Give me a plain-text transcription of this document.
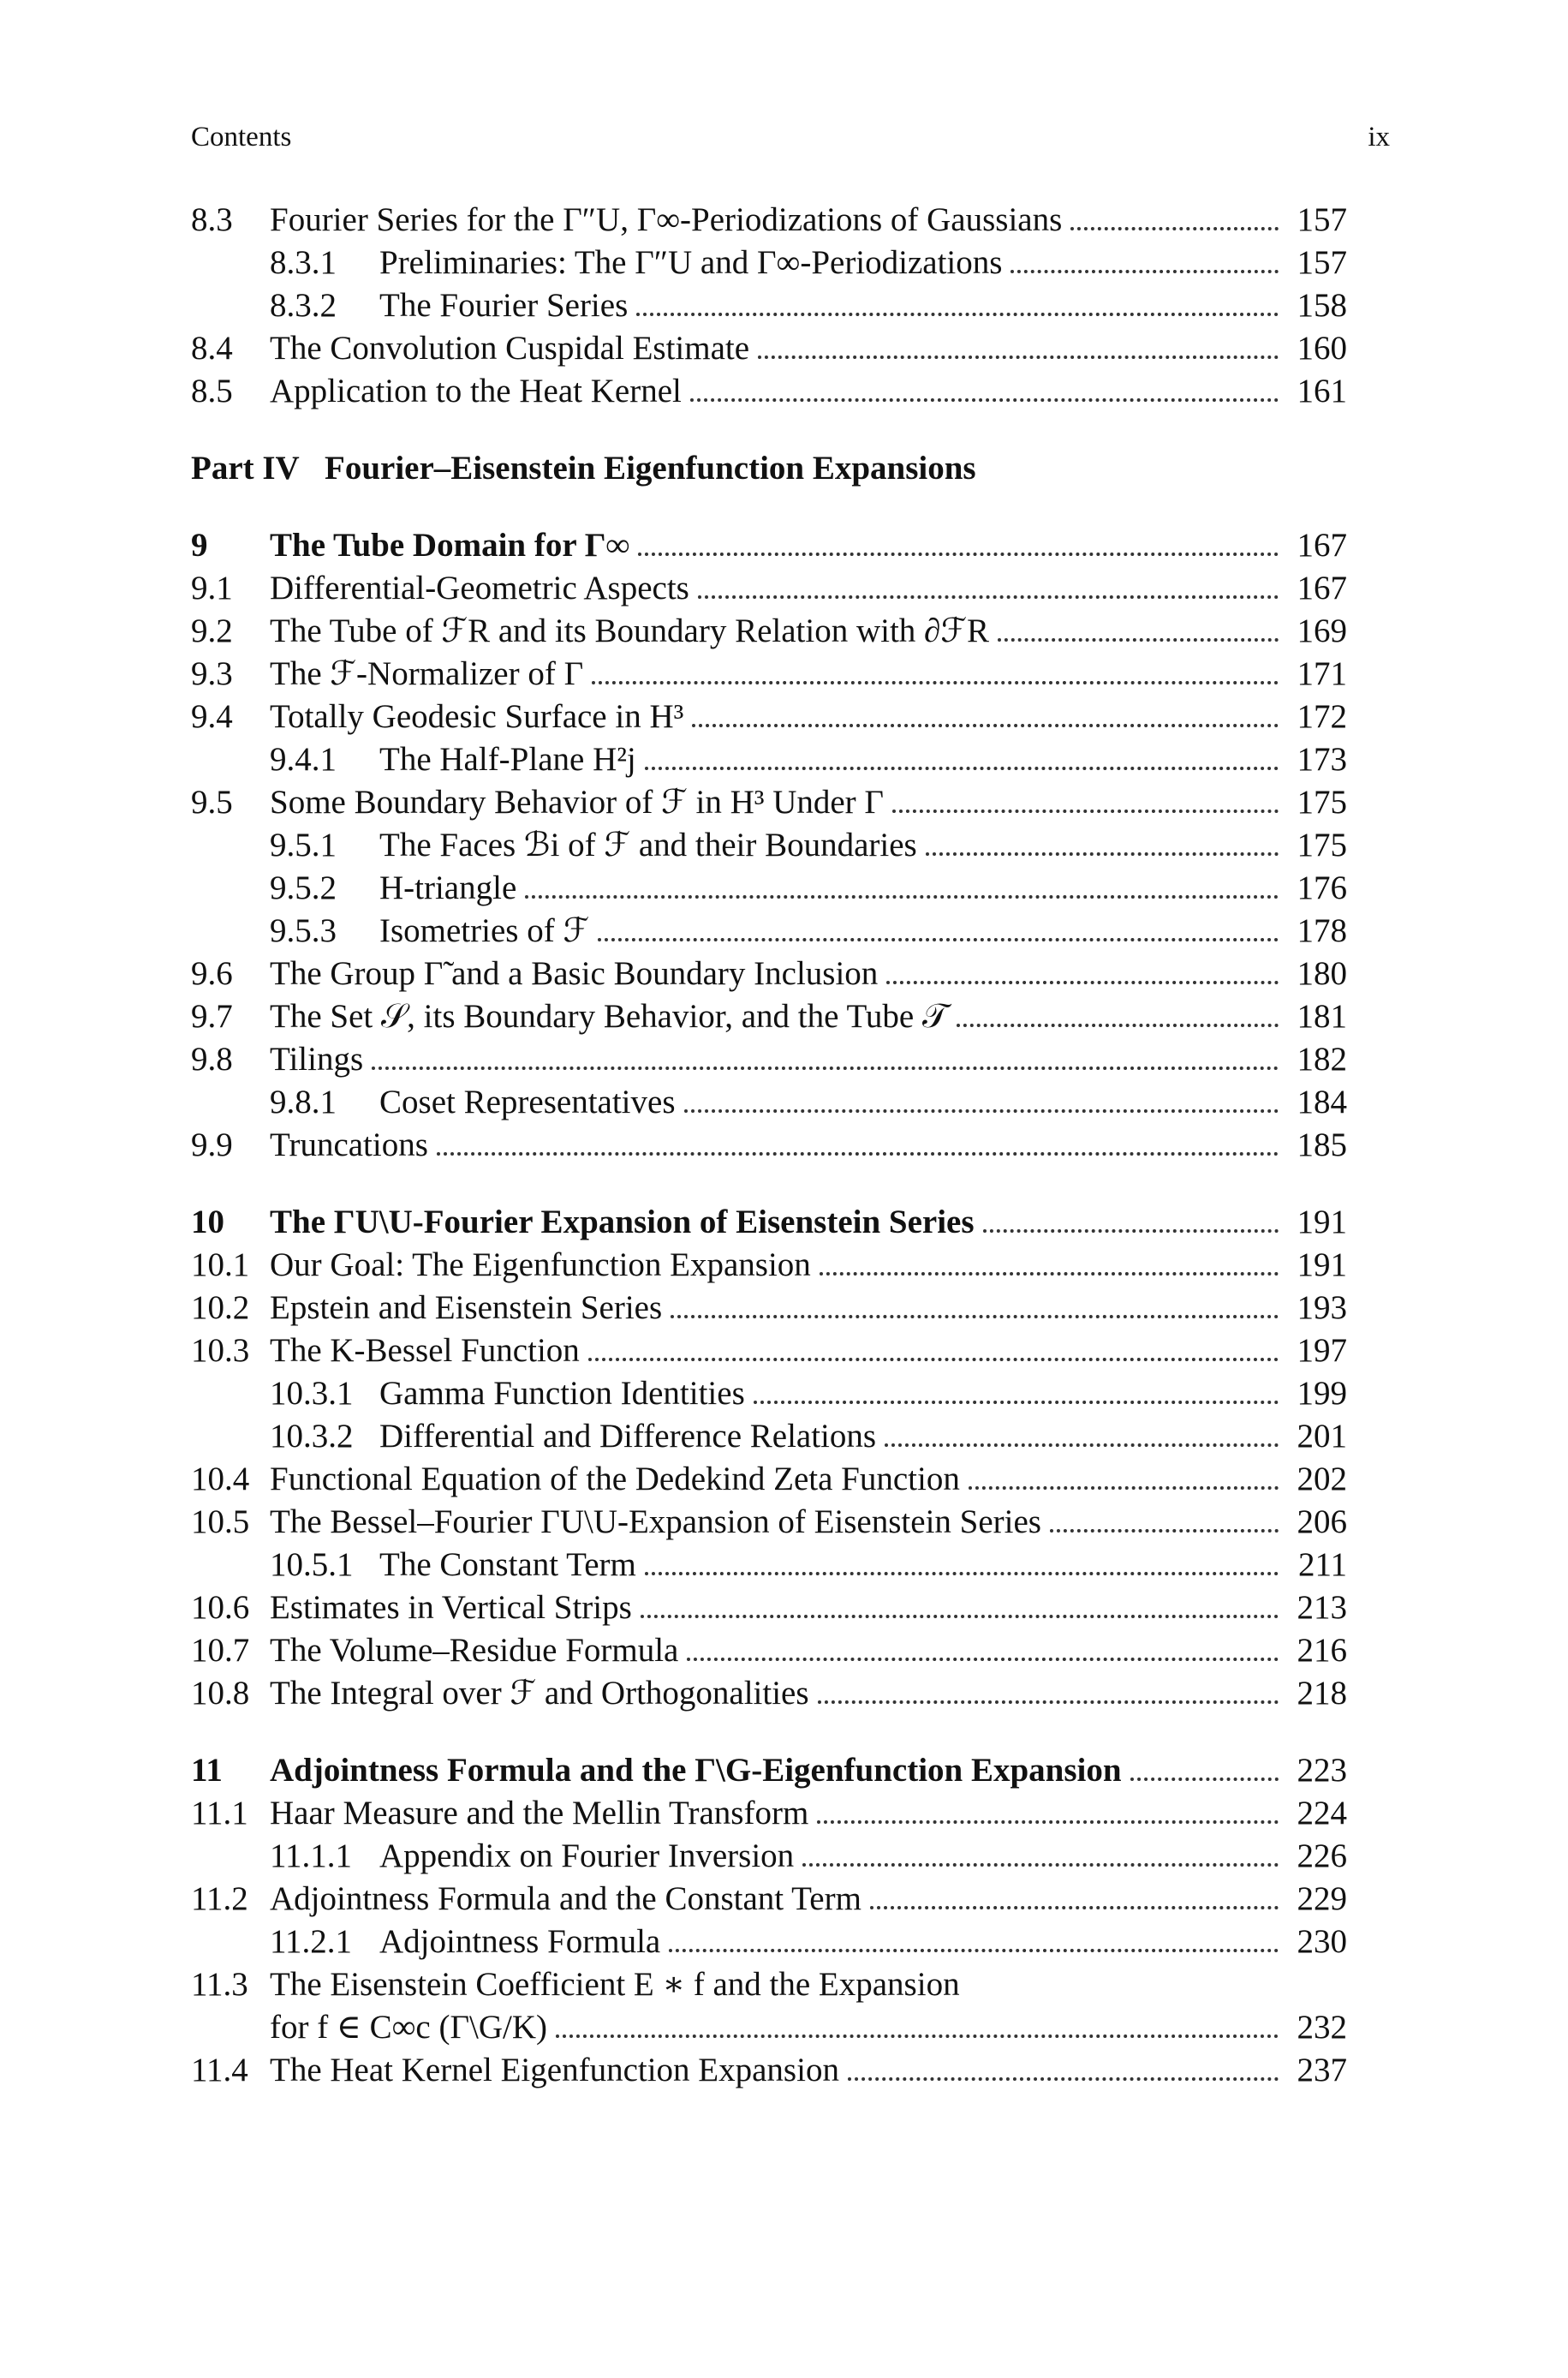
Contents	ix
8.3	Fourier Series for the Γ″U, Γ∞-Periodizations of Gaussians	157
8.3.1	Preliminaries: The Γ″U and Γ∞-Periodizations	157
8.3.2	The Fourier Series	158
8.4	The Convolution Cuspidal Estimate	160
8.5	Application to the Heat Kernel	161
Part IV Fourier–Eisenstein Eigenfunction Expansions
9	The Tube Domain for Γ∞	167
9.1	Differential-Geometric Aspects	167
9.2	The Tube of ℱR and its Boundary Relation with ∂ℱR	169
9.3	The ℱ-Normalizer of Γ	171
9.4	Totally Geodesic Surface in H³	172
9.4.1	The Half-Plane H²j	173
9.5	Some Boundary Behavior of ℱ in H³ Under Γ	175
9.5.1	The Faces ℬi of ℱ and their Boundaries	175
9.5.2	H-triangle	176
9.5.3	Isometries of ℱ	178
9.6	The Group Γ̃ and a Basic Boundary Inclusion	180
9.7	The Set 𝒮, its Boundary Behavior, and the Tube 𝒯	181
9.8	Tilings	182
9.8.1	Coset Representatives	184
9.9	Truncations	185
10	The ΓU\U-Fourier Expansion of Eisenstein Series	191
10.1 Our Goal: The Eigenfunction Expansion	191
10.2 Epstein and Eisenstein Series	193
10.3 The K-Bessel Function	197
10.3.1 Gamma Function Identities	199
10.3.2 Differential and Difference Relations	201
10.4 Functional Equation of the Dedekind Zeta Function	202
10.5 The Bessel–Fourier ΓU\U-Expansion of Eisenstein Series	206
10.5.1 The Constant Term	211
10.6 Estimates in Vertical Strips	213
10.7 The Volume–Residue Formula	216
10.8 The Integral over ℱ and Orthogonalities	218
11	Adjointness Formula and the Γ\G-Eigenfunction Expansion	223
11.1 Haar Measure and the Mellin Transform	224
11.1.1 Appendix on Fourier Inversion	226
11.2 Adjointness Formula and the Constant Term	229
11.2.1 Adjointness Formula	230
11.3 The Eisenstein Coefficient E ∗ f and the Expansion
for f ∈ C∞c (Γ\G/K)	232
11.4 The Heat Kernel Eigenfunction Expansion	237
